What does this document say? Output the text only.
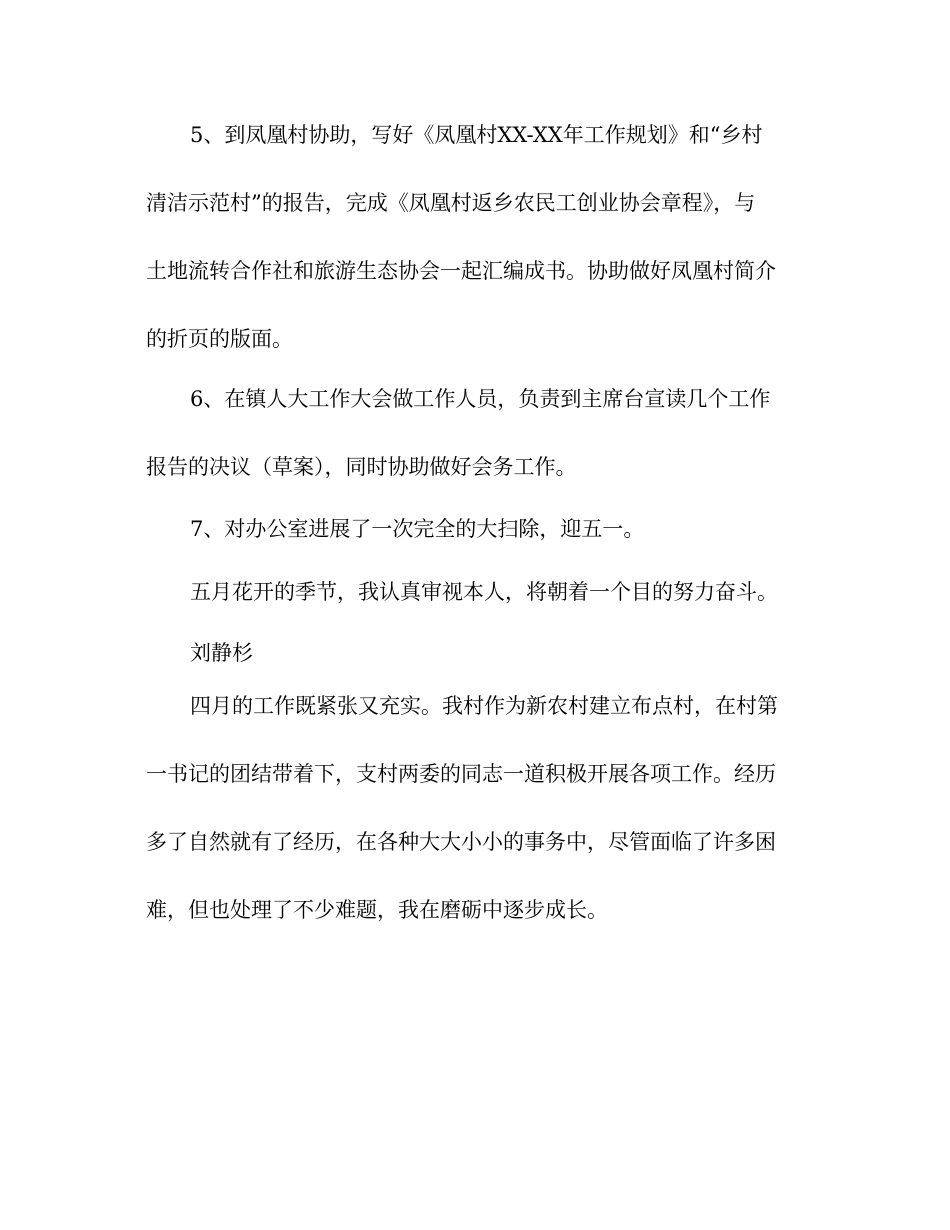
5、到凤凰村协助，写好《凤凰村XX-XX年工作规划》和“乡村
清洁示范村”的报告，完成《凤凰村返乡农民工创业协会章程》，与
土地流转合作社和旅游生态协会一起汇编成书。协助做好凤凰村简介
的折页的版面。

6、在镇人大工作大会做工作人员，负责到主席台宣读几个工作
报告的决议（草案），同时协助做好会务工作。

7、对办公室进展了一次完全的大扫除，迎五一。

五月花开的季节，我认真审视本人，将朝着一个目的努力奋斗。

刘静杉

四月的工作既紧张又充实。我村作为新农村建立布点村，在村第
一书记的团结带着下，支村两委的同志一道积极开展各项工作。经历
多了自然就有了经历，在各种大大小小的事务中，尽管面临了许多困
难，但也处理了不少难题，我在磨砺中逐步成长。
